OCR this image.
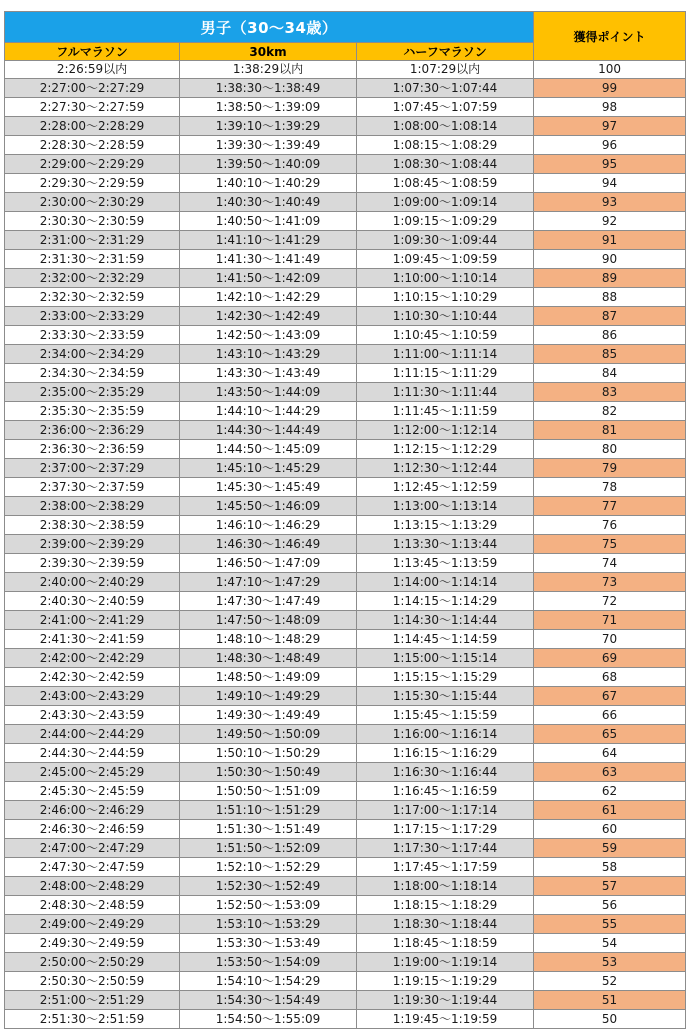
男子（30〜34歳）			獲得ポイント
フルマラソン	30km	ハーフマラソン	
2:26:59以内	1:38:29以内	1:07:29以内	100
2:27:00〜2:27:29	1:38:30〜1:38:49	1:07:30〜1:07:44	99
2:27:30〜2:27:59	1:38:50〜1:39:09	1:07:45〜1:07:59	98
2:28:00〜2:28:29	1:39:10〜1:39:29	1:08:00〜1:08:14	97
2:28:30〜2:28:59	1:39:30〜1:39:49	1:08:15〜1:08:29	96
2:29:00〜2:29:29	1:39:50〜1:40:09	1:08:30〜1:08:44	95
2:29:30〜2:29:59	1:40:10〜1:40:29	1:08:45〜1:08:59	94
2:30:00〜2:30:29	1:40:30〜1:40:49	1:09:00〜1:09:14	93
2:30:30〜2:30:59	1:40:50〜1:41:09	1:09:15〜1:09:29	92
2:31:00〜2:31:29	1:41:10〜1:41:29	1:09:30〜1:09:44	91
2:31:30〜2:31:59	1:41:30〜1:41:49	1:09:45〜1:09:59	90
2:32:00〜2:32:29	1:41:50〜1:42:09	1:10:00〜1:10:14	89
2:32:30〜2:32:59	1:42:10〜1:42:29	1:10:15〜1:10:29	88
2:33:00〜2:33:29	1:42:30〜1:42:49	1:10:30〜1:10:44	87
2:33:30〜2:33:59	1:42:50〜1:43:09	1:10:45〜1:10:59	86
2:34:00〜2:34:29	1:43:10〜1:43:29	1:11:00〜1:11:14	85
2:34:30〜2:34:59	1:43:30〜1:43:49	1:11:15〜1:11:29	84
2:35:00〜2:35:29	1:43:50〜1:44:09	1:11:30〜1:11:44	83
2:35:30〜2:35:59	1:44:10〜1:44:29	1:11:45〜1:11:59	82
2:36:00〜2:36:29	1:44:30〜1:44:49	1:12:00〜1:12:14	81
2:36:30〜2:36:59	1:44:50〜1:45:09	1:12:15〜1:12:29	80
2:37:00〜2:37:29	1:45:10〜1:45:29	1:12:30〜1:12:44	79
2:37:30〜2:37:59	1:45:30〜1:45:49	1:12:45〜1:12:59	78
2:38:00〜2:38:29	1:45:50〜1:46:09	1:13:00〜1:13:14	77
2:38:30〜2:38:59	1:46:10〜1:46:29	1:13:15〜1:13:29	76
2:39:00〜2:39:29	1:46:30〜1:46:49	1:13:30〜1:13:44	75
2:39:30〜2:39:59	1:46:50〜1:47:09	1:13:45〜1:13:59	74
2:40:00〜2:40:29	1:47:10〜1:47:29	1:14:00〜1:14:14	73
2:40:30〜2:40:59	1:47:30〜1:47:49	1:14:15〜1:14:29	72
2:41:00〜2:41:29	1:47:50〜1:48:09	1:14:30〜1:14:44	71
2:41:30〜2:41:59	1:48:10〜1:48:29	1:14:45〜1:14:59	70
2:42:00〜2:42:29	1:48:30〜1:48:49	1:15:00〜1:15:14	69
2:42:30〜2:42:59	1:48:50〜1:49:09	1:15:15〜1:15:29	68
2:43:00〜2:43:29	1:49:10〜1:49:29	1:15:30〜1:15:44	67
2:43:30〜2:43:59	1:49:30〜1:49:49	1:15:45〜1:15:59	66
2:44:00〜2:44:29	1:49:50〜1:50:09	1:16:00〜1:16:14	65
2:44:30〜2:44:59	1:50:10〜1:50:29	1:16:15〜1:16:29	64
2:45:00〜2:45:29	1:50:30〜1:50:49	1:16:30〜1:16:44	63
2:45:30〜2:45:59	1:50:50〜1:51:09	1:16:45〜1:16:59	62
2:46:00〜2:46:29	1:51:10〜1:51:29	1:17:00〜1:17:14	61
2:46:30〜2:46:59	1:51:30〜1:51:49	1:17:15〜1:17:29	60
2:47:00〜2:47:29	1:51:50〜1:52:09	1:17:30〜1:17:44	59
2:47:30〜2:47:59	1:52:10〜1:52:29	1:17:45〜1:17:59	58
2:48:00〜2:48:29	1:52:30〜1:52:49	1:18:00〜1:18:14	57
2:48:30〜2:48:59	1:52:50〜1:53:09	1:18:15〜1:18:29	56
2:49:00〜2:49:29	1:53:10〜1:53:29	1:18:30〜1:18:44	55
2:49:30〜2:49:59	1:53:30〜1:53:49	1:18:45〜1:18:59	54
2:50:00〜2:50:29	1:53:50〜1:54:09	1:19:00〜1:19:14	53
2:50:30〜2:50:59	1:54:10〜1:54:29	1:19:15〜1:19:29	52
2:51:00〜2:51:29	1:54:30〜1:54:49	1:19:30〜1:19:44	51
2:51:30〜2:51:59	1:54:50〜1:55:09	1:19:45〜1:19:59	50
